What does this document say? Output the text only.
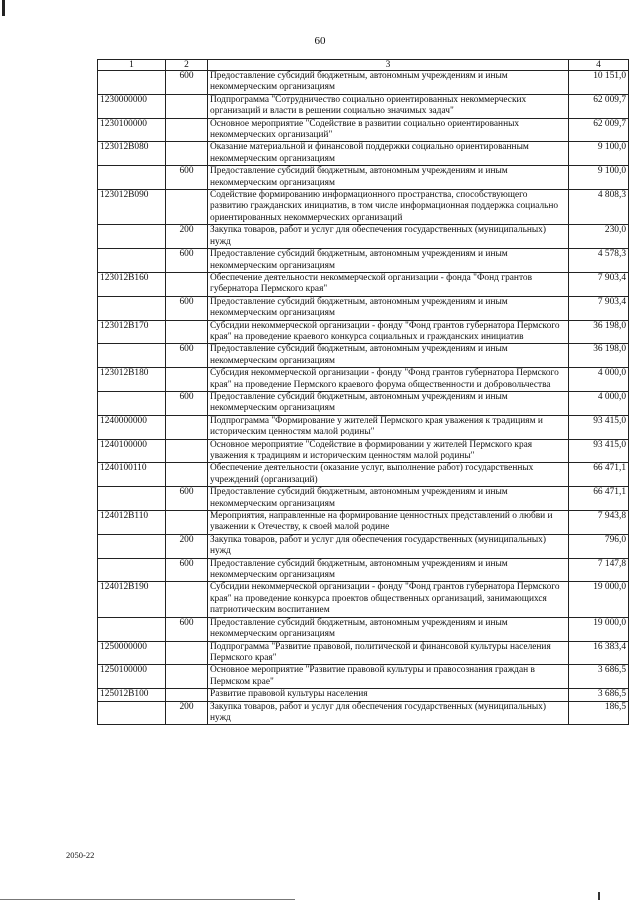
60
1	2	3	4
	600	Предоставление субсидий бюджетным, автономным учреждениям и иным некоммерческим организациям	10 151,0
1230000000		Подпрограмма "Сотрудничество социально ориентированных некоммерческих организаций и власти в решении социально значимых задач"	62 009,7
1230100000		Основное мероприятие "Содействие в развитии социально ориентированных некоммерческих организаций"	62 009,7
123012В080		Оказание материальной и финансовой поддержки социально ориентированным некоммерческим организациям	9 100,0
	600	Предоставление субсидий бюджетным, автономным учреждениям и иным некоммерческим организациям	9 100,0
123012В090		Содействие формированию информационного пространства, способствующего развитию гражданских инициатив, в том числе информационная поддержка социально ориентированных некоммерческих организаций	4 808,3
	200	Закупка товаров, работ и услуг для обеспечения государственных (муниципальных) нужд	230,0
	600	Предоставление субсидий бюджетным, автономным учреждениям и иным некоммерческим организациям	4 578,3
123012В160		Обеспечение деятельности некоммерческой организации - фонда "Фонд грантов губернатора Пермского края"	7 903,4
	600	Предоставление субсидий бюджетным, автономным учреждениям и иным некоммерческим организациям	7 903,4
123012В170		Субсидии некоммерческой организации - фонду "Фонд грантов губернатора Пермского края" на проведение краевого конкурса социальных и гражданских инициатив	36 198,0
	600	Предоставление субсидий бюджетным, автономным учреждениям и иным некоммерческим организациям	36 198,0
123012В180		Субсидия некоммерческой организации - фонду "Фонд грантов губернатора Пермского края" на проведение Пермского краевого форума общественности и добровольчества	4 000,0
	600	Предоставление субсидий бюджетным, автономным учреждениям и иным некоммерческим организациям	4 000,0
1240000000		Подпрограмма "Формирование у жителей Пермского края уважения к традициям и историческим ценностям малой родины"	93 415,0
1240100000		Основное мероприятие "Содействие в формировании у жителей Пермского края уважения к традициям и историческим ценностям малой родины"	93 415,0
1240100110		Обеспечение деятельности (оказание услуг, выполнение работ) государственных учреждений (организаций)	66 471,1
	600	Предоставление субсидий бюджетным, автономным учреждениям и иным некоммерческим организациям	66 471,1
124012В110		Мероприятия, направленные на формирование ценностных представлений о любви и уважении к Отечеству, к своей малой родине	7 943,8
	200	Закупка товаров, работ и услуг для обеспечения государственных (муниципальных) нужд	796,0
	600	Предоставление субсидий бюджетным, автономным учреждениям и иным некоммерческим организациям	7 147,8
124012В190		Субсидии некоммерческой организации - фонду "Фонд грантов губернатора Пермского края" на проведение конкурса проектов общественных организаций, занимающихся патриотическим воспитанием	19 000,0
	600	Предоставление субсидий бюджетным, автономным учреждениям и иным некоммерческим организациям	19 000,0
1250000000		Подпрограмма "Развитие правовой, политической и финансовой культуры населения Пермского края"	16 383,4
1250100000		Основное мероприятие "Развитие правовой культуры и правосознания граждан в Пермском крае"	3 686,5
125012В100		Развитие правовой культуры населения	3 686,5
	200	Закупка товаров, работ и услуг для обеспечения государственных (муниципальных) нужд	186,5
2050-22
